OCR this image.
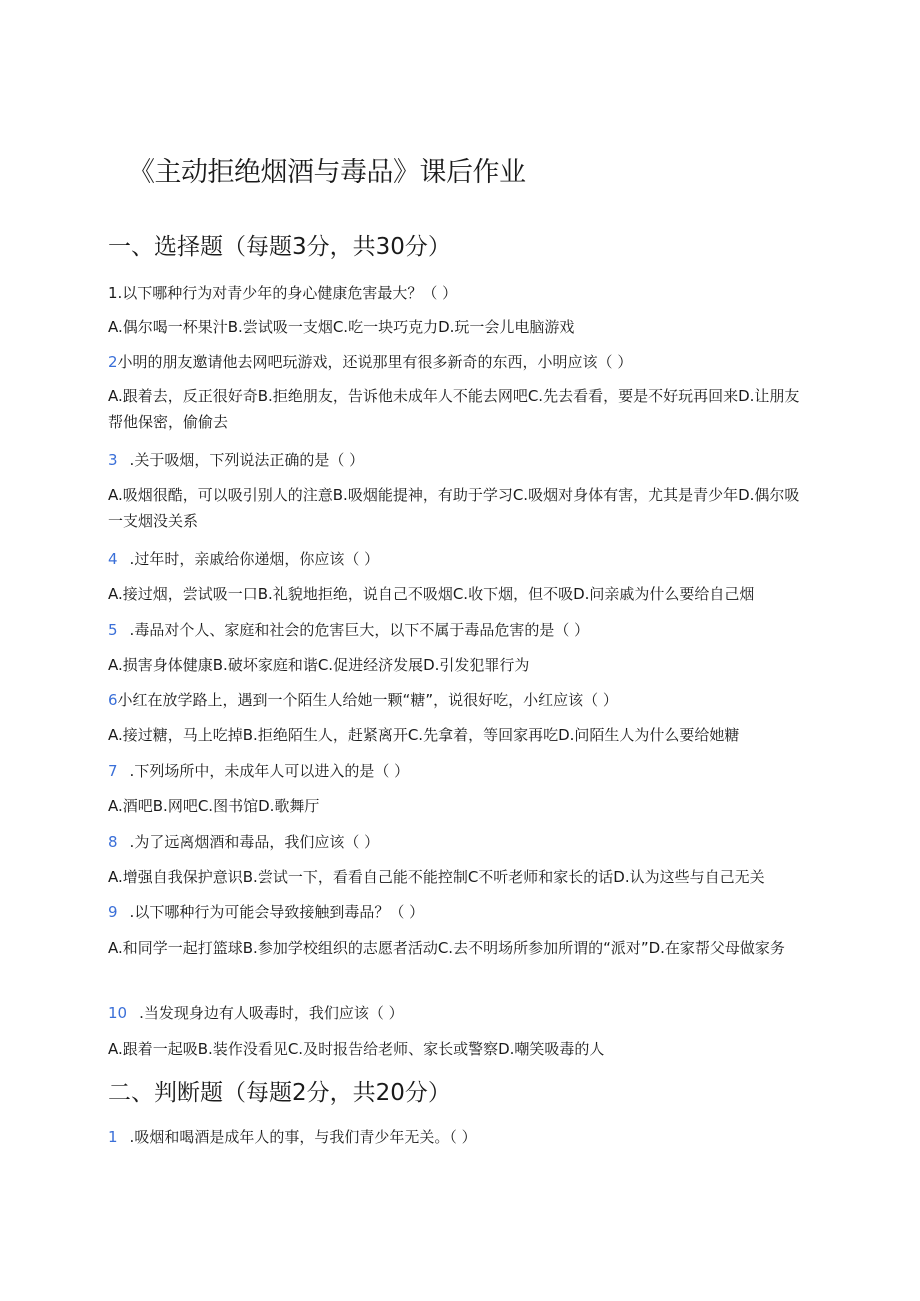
《主动拒绝烟酒与毒品》课后作业
一、选择题（每题3分，共30分）
1.以下哪种行为对青少年的身心健康危害最大？（ ）
A.偶尔喝一杯果汁B.尝试吸一支烟C.吃一块巧克力D.玩一会儿电脑游戏
2小明的朋友邀请他去网吧玩游戏，还说那里有很多新奇的东西，小明应该（ ）
A.跟着去，反正很好奇B.拒绝朋友，告诉他未成年人不能去网吧C.先去看看，要是不好玩再回来D.让朋友帮他保密，偷偷去
3 .关于吸烟，下列说法正确的是（ ）
A.吸烟很酷，可以吸引别人的注意B.吸烟能提神，有助于学习C.吸烟对身体有害，尤其是青少年D.偶尔吸一支烟没关系
4 .过年时，亲戚给你递烟，你应该（ ）
A.接过烟，尝试吸一口B.礼貌地拒绝，说自己不吸烟C.收下烟，但不吸D.问亲戚为什么要给自己烟
5 .毒品对个人、家庭和社会的危害巨大，以下不属于毒品危害的是（ ）
A.损害身体健康B.破坏家庭和谐C.促进经济发展D.引发犯罪行为
6小红在放学路上，遇到一个陌生人给她一颗“糖”，说很好吃，小红应该（ ）
A.接过糖，马上吃掉B.拒绝陌生人，赶紧离开C.先拿着，等回家再吃D.问陌生人为什么要给她糖
7 .下列场所中，未成年人可以进入的是（ ）
A.酒吧B.网吧C.图书馆D.歌舞厅
8 .为了远离烟酒和毒品，我们应该（ ）
A.增强自我保护意识B.尝试一下，看看自己能不能控制C不听老师和家长的话D.认为这些与自己无关
9 .以下哪种行为可能会导致接触到毒品？（ ）
A.和同学一起打篮球B.参加学校组织的志愿者活动C.去不明场所参加所谓的“派对”D.在家帮父母做家务
10 .当发现身边有人吸毒时，我们应该（ ）
A.跟着一起吸B.装作没看见C.及时报告给老师、家长或警察D.嘲笑吸毒的人
二、判断题（每题2分，共20分）
1 .吸烟和喝酒是成年人的事，与我们青少年无关。（ ）
